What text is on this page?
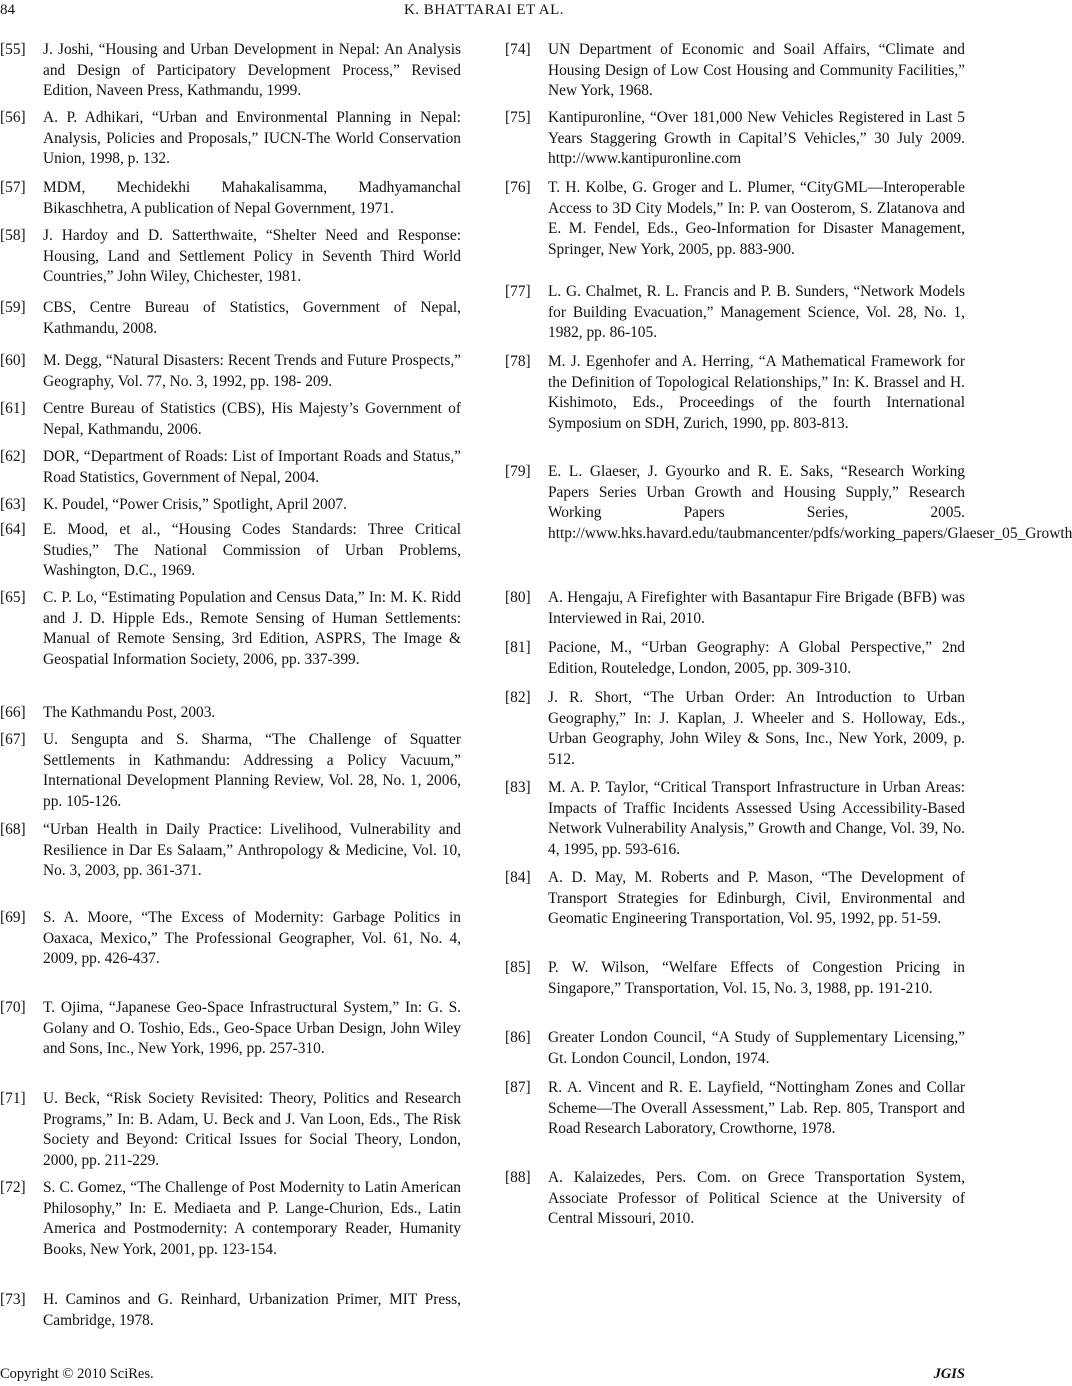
84	K. BHATTARAI ET AL.
[55] J. Joshi, “Housing and Urban Development in Nepal: An Analysis and Design of Participatory Development Process,” Revised Edition, Naveen Press, Kathmandu, 1999.
[56] A. P. Adhikari, “Urban and Environmental Planning in Nepal: Analysis, Policies and Proposals,” IUCN-The World Conservation Union, 1998, p. 132.
[57] MDM, Mechidekhi Mahakalisamma, Madhyamanchal Bikaschhetra, A publication of Nepal Government, 1971.
[58] J. Hardoy and D. Satterthwaite, “Shelter Need and Response: Housing, Land and Settlement Policy in Seventh Third World Countries,” John Wiley, Chichester, 1981.
[59] CBS, Centre Bureau of Statistics, Government of Nepal, Kathmandu, 2008.
[60] M. Degg, “Natural Disasters: Recent Trends and Future Prospects,” Geography, Vol. 77, No. 3, 1992, pp. 198- 209.
[61] Centre Bureau of Statistics (CBS), His Majesty’s Government of Nepal, Kathmandu, 2006.
[62] DOR, “Department of Roads: List of Important Roads and Status,” Road Statistics, Government of Nepal, 2004.
[63] K. Poudel, “Power Crisis,” Spotlight, April 2007.
[64] E. Mood, et al., “Housing Codes Standards: Three Critical Studies,” The National Commission of Urban Problems, Washington, D.C., 1969.
[65] C. P. Lo, “Estimating Population and Census Data,” In: M. K. Ridd and J. D. Hipple Eds., Remote Sensing of Human Settlements: Manual of Remote Sensing, 3rd Edition, ASPRS, The Image & Geospatial Information Society, 2006, pp. 337-399.
[66] The Kathmandu Post, 2003.
[67] U. Sengupta and S. Sharma, “The Challenge of Squatter Settlements in Kathmandu: Addressing a Policy Vacuum,” International Development Planning Review, Vol. 28, No. 1, 2006, pp. 105-126.
[68] “Urban Health in Daily Practice: Livelihood, Vulnerability and Resilience in Dar Es Salaam,” Anthropology & Medicine, Vol. 10, No. 3, 2003, pp. 361-371.
[69] S. A. Moore, “The Excess of Modernity: Garbage Politics in Oaxaca, Mexico,” The Professional Geographer, Vol. 61, No. 4, 2009, pp. 426-437.
[70] T. Ojima, “Japanese Geo-Space Infrastructural System,” In: G. S. Golany and O. Toshio, Eds., Geo-Space Urban Design, John Wiley and Sons, Inc., New York, 1996, pp. 257-310.
[71] U. Beck, “Risk Society Revisited: Theory, Politics and Research Programs,” In: B. Adam, U. Beck and J. Van Loon, Eds., The Risk Society and Beyond: Critical Issues for Social Theory, London, 2000, pp. 211-229.
[72] S. C. Gomez, “The Challenge of Post Modernity to Latin American Philosophy,” In: E. Mediaeta and P. Lange-Churion, Eds., Latin America and Postmodernity: A contemporary Reader, Humanity Books, New York, 2001, pp. 123-154.
[73] H. Caminos and G. Reinhard, Urbanization Primer, MIT Press, Cambridge, 1978.
[74] UN Department of Economic and Soail Affairs, “Climate and Housing Design of Low Cost Housing and Community Facilities,” New York, 1968.
[75] Kantipuronline, “Over 181,000 New Vehicles Registered in Last 5 Years Staggering Growth in Capital’S Vehicles,” 30 July 2009. http://www.kantipuronline.com
[76] T. H. Kolbe, G. Groger and L. Plumer, “CityGML—Interoperable Access to 3D City Models,” In: P. van Oosterom, S. Zlatanova and E. M. Fendel, Eds., Geo-Information for Disaster Management, Springer, New York, 2005, pp. 883-900.
[77] L. G. Chalmet, R. L. Francis and P. B. Sunders, “Network Models for Building Evacuation,” Management Science, Vol. 28, No. 1, 1982, pp. 86-105.
[78] M. J. Egenhofer and A. Herring, “A Mathematical Framework for the Definition of Topological Relationships,” In: K. Brassel and H. Kishimoto, Eds., Proceedings of the fourth International Symposium on SDH, Zurich, 1990, pp. 803-813.
[79] E. L. Glaeser, J. Gyourko and R. E. Saks, “Research Working Papers Series Urban Growth and Housing Supply,” Research Working Papers Series, 2005. http://www.hks.havard.edu/taubmancenter/pdfs/working_papers/Glaeser_05_Growth
[80] A. Hengaju, A Firefighter with Basantapur Fire Brigade (BFB) was Interviewed in Rai, 2010.
[81] Pacione, M., “Urban Geography: A Global Perspective,” 2nd Edition, Routeledge, London, 2005, pp. 309-310.
[82] J. R. Short, “The Urban Order: An Introduction to Urban Geography,” In: J. Kaplan, J. Wheeler and S. Holloway, Eds., Urban Geography, John Wiley & Sons, Inc., New York, 2009, p. 512.
[83] M. A. P. Taylor, “Critical Transport Infrastructure in Urban Areas: Impacts of Traffic Incidents Assessed Using Accessibility-Based Network Vulnerability Analysis,” Growth and Change, Vol. 39, No. 4, 1995, pp. 593-616.
[84] A. D. May, M. Roberts and P. Mason, “The Development of Transport Strategies for Edinburgh, Civil, Environmental and Geomatic Engineering Transportation, Vol. 95, 1992, pp. 51-59.
[85] P. W. Wilson, “Welfare Effects of Congestion Pricing in Singapore,” Transportation, Vol. 15, No. 3, 1988, pp. 191-210.
[86] Greater London Council, “A Study of Supplementary Licensing,” Gt. London Council, London, 1974.
[87] R. A. Vincent and R. E. Layfield, “Nottingham Zones and Collar Scheme—The Overall Assessment,” Lab. Rep. 805, Transport and Road Research Laboratory, Crowthorne, 1978.
[88] A. Kalaizedes, Pers. Com. on Grece Transportation System, Associate Professor of Political Science at the University of Central Missouri, 2010.
Copyright © 2010 SciRes.	JGIS
